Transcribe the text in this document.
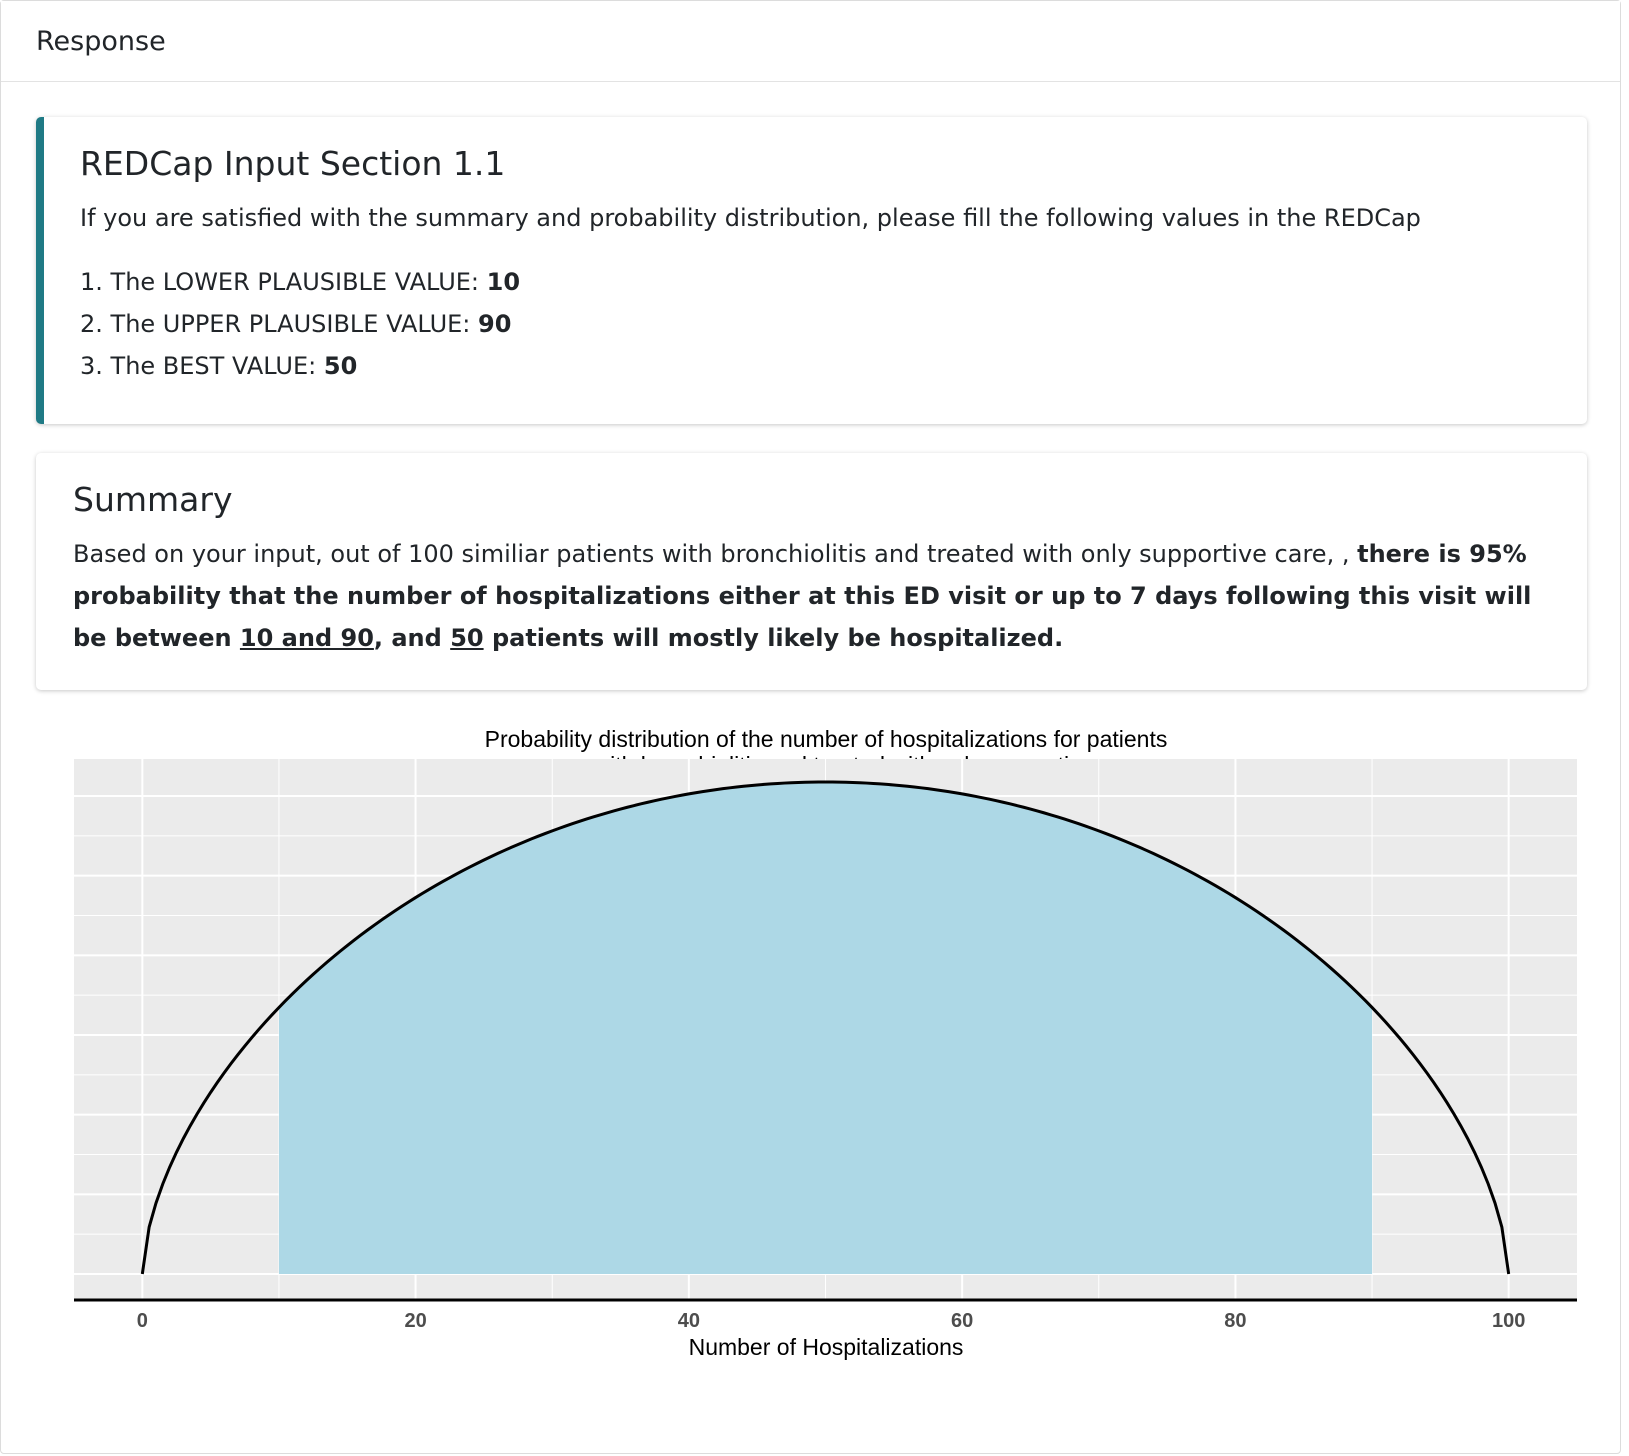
Response
REDCap Input Section 1.1

If you are satisfied with the summary and probability distribution, please fill the following values in the REDCap

1. The LOWER PLAUSIBLE VALUE: 10
2. The UPPER PLAUSIBLE VALUE: 90
3. The BEST VALUE: 50
Summary
Based on your input, out of 100 similiar patients with bronchiolitis and treated with only supportive care, , there is 95% probability that the number of hospitalizations either at this ED visit or up to 7 days following this visit will be between 10 and 90, and 50 patients will mostly likely be hospitalized.
Probability distribution of the number of hospitalizations for patients
0	20	40	60	80	100
Number of Hospitalizations
